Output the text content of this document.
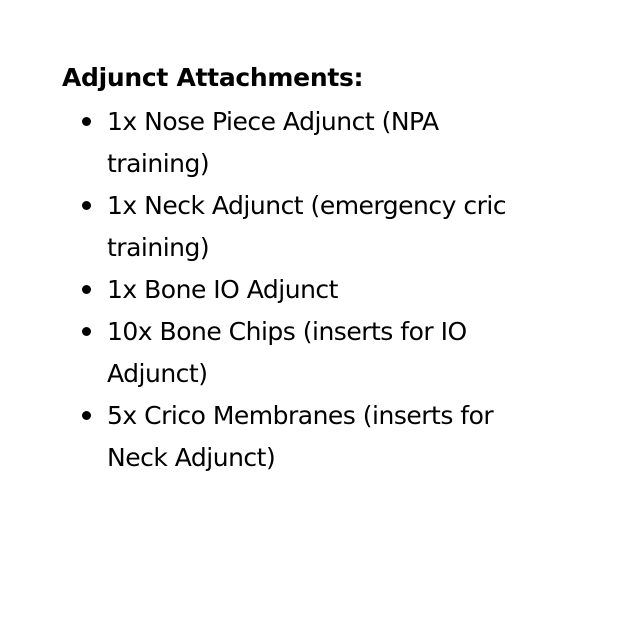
Adjunct Attachments:
1x Nose Piece Adjunct (NPA
training)
1x Neck Adjunct (emergency cric
training)
1x Bone IO Adjunct
10x Bone Chips (inserts for IO
Adjunct)
5x Crico Membranes (inserts for
Neck Adjunct)
